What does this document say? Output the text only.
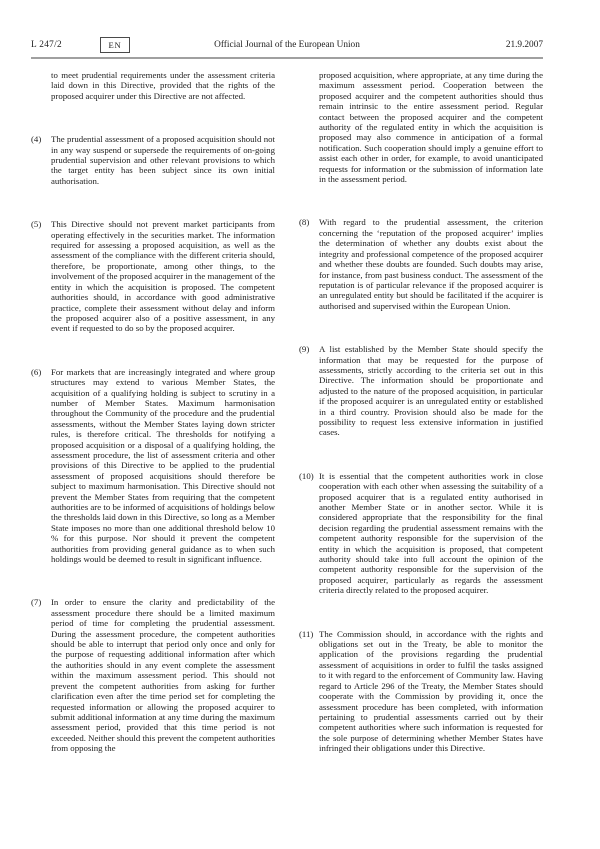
L 247/2	EN	Official Journal of the European Union	21.9.2007

to meet prudential requirements under the assessment criteria laid down in this Directive, provided that the rights of the proposed acquirer under this Directive are not affected.

(4)	The prudential assessment of a proposed acquisition should not in any way suspend or supersede the requirements of on-going prudential supervision and other relevant provisions to which the target entity has been subject since its own initial authorisation.

(5)	This Directive should not prevent market participants from operating effectively in the securities market. The information required for assessing a proposed acquisition, as well as the assessment of the compliance with the different criteria should, therefore, be proportionate, among other things, to the involvement of the proposed acquirer in the management of the entity in which the acquisition is proposed. The competent authorities should, in accordance with good administrative practice, complete their assessment without delay and inform the proposed acquirer also of a positive assessment, in any event if requested to do so by the proposed acquirer.

(6)	For markets that are increasingly integrated and where group structures may extend to various Member States, the acquisition of a qualifying holding is subject to scrutiny in a number of Member States. Maximum harmonisation throughout the Community of the procedure and the prudential assessments, without the Member States laying down stricter rules, is therefore critical. The thresholds for notifying a proposed acquisition or a disposal of a qualifying holding, the assessment procedure, the list of assessment criteria and other provisions of this Directive to be applied to the prudential assessment of proposed acquisitions should therefore be subject to maximum harmonisation. This Directive should not prevent the Member States from requiring that the competent authorities are to be informed of acquisitions of holdings below the thresholds laid down in this Directive, so long as a Member State imposes no more than one additional threshold below 10 % for this purpose. Nor should it prevent the competent authorities from providing general guidance as to when such holdings would be deemed to result in significant influence.

(7)	In order to ensure the clarity and predictability of the assessment procedure there should be a limited maximum period of time for completing the prudential assessment. During the assessment procedure, the competent authorities should be able to interrupt that period only once and only for the purpose of requesting additional information after which the authorities should in any event complete the assessment within the maximum assessment period. This should not prevent the competent authorities from asking for further clarification even after the time period set for completing the requested information or allowing the proposed acquirer to submit additional information at any time during the maximum assessment period, provided that this time period is not exceeded. Neither should this prevent the competent authorities from opposing the

proposed acquisition, where appropriate, at any time during the maximum assessment period. Cooperation between the proposed acquirer and the competent authorities should thus remain intrinsic to the entire assessment period. Regular contact between the proposed acquirer and the competent authority of the regulated entity in which the acquisition is proposed may also commence in anticipation of a formal notification. Such cooperation should imply a genuine effort to assist each other in order, for example, to avoid unanticipated requests for information or the submission of information late in the assessment period.

(8)	With regard to the prudential assessment, the criterion concerning the ‘reputation of the proposed acquirer’ implies the determination of whether any doubts exist about the integrity and professional competence of the proposed acquirer and whether these doubts are founded. Such doubts may arise, for instance, from past business conduct. The assessment of the reputation is of particular relevance if the proposed acquirer is an unregulated entity but should be facilitated if the acquirer is authorised and supervised within the European Union.

(9)	A list established by the Member State should specify the information that may be requested for the purpose of assessments, strictly according to the criteria set out in this Directive. The information should be proportionate and adjusted to the nature of the proposed acquisition, in particular if the proposed acquirer is an unregulated entity or established in a third country. Provision should also be made for the possibility to request less extensive information in justified cases.

(10) It is essential that the competent authorities work in close cooperation with each other when assessing the suitability of a proposed acquirer that is a regulated entity authorised in another Member State or in another sector. While it is considered appropriate that the responsibility for the final decision regarding the prudential assessment remains with the competent authority responsible for the supervision of the entity in which the acquisition is proposed, that competent authority should take into full account the opinion of the competent authority responsible for the supervision of the proposed acquirer, particularly as regards the assessment criteria directly related to the proposed acquirer.

(11) The Commission should, in accordance with the rights and obligations set out in the Treaty, be able to monitor the application of the provisions regarding the prudential assessment of acquisitions in order to fulfil the tasks assigned to it with regard to the enforcement of Community law. Having regard to Article 296 of the Treaty, the Member States should cooperate with the Commission by providing it, once the assessment procedure has been completed, with information pertaining to prudential assessments carried out by their competent authorities where such information is requested for the sole purpose of determining whether Member States have infringed their obligations under this Directive.
